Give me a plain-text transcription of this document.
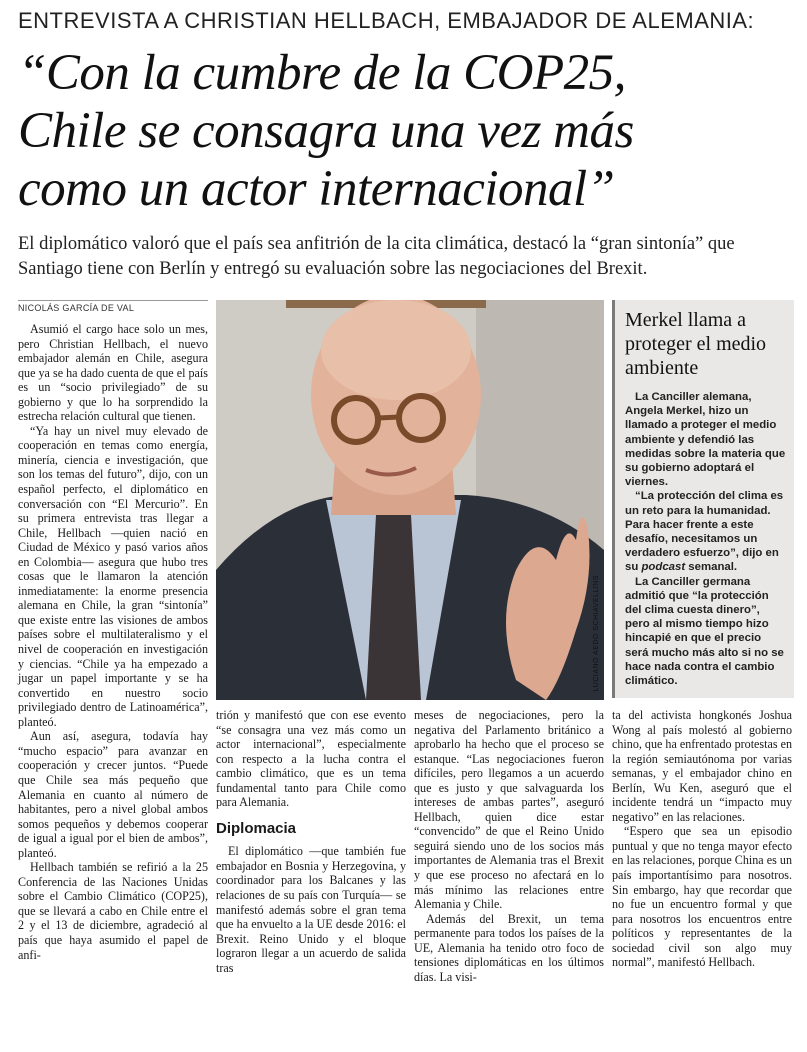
ENTREVISTA A CHRISTIAN HELLBACH, EMBAJADOR DE ALEMANIA:
“Con la cumbre de la COP25,
Chile se consagra una vez más
como un actor internacional”
El diplomático valoró que el país sea anfitrión de la cita climática, destacó la “gran sintonía” que Santiago tiene con Berlín y entregó su evaluación sobre las negociaciones del Brexit.
NICOLÁS GARCÍA DE VAL

Asumió el cargo hace solo un mes, pero Christian Hellbach, el nuevo embajador alemán en Chile, asegura que ya se ha dado cuenta de que el país es un “socio privilegiado” de su gobierno y que lo ha sorprendido la estrecha relación cultural que tienen.

“Ya hay un nivel muy elevado de cooperación en temas como energía, minería, ciencia e investigación, que son los temas del futuro”, dijo, con un español perfecto, el diplomático en conversación con “El Mercurio”. En su primera entrevista tras llegar a Chile, Hellbach —quien nació en Ciudad de México y pasó varios años en Colombia— asegura que hubo tres cosas que le llamaron la atención inmediatamente: la enorme presencia alemana en Chile, la gran “sintonía” que existe entre las visiones de ambos países sobre el multilateralismo y el nivel de cooperación en investigación y ciencias. “Chile ya ha empezado a jugar un papel importante y se ha convertido en nuestro socio privilegiado dentro de Latinoamérica”, planteó.

Aun así, asegura, todavía hay “mucho espacio” para avanzar en cooperación y crecer juntos. “Puede que Chile sea más pequeño que Alemania en cuanto al número de habitantes, pero a nivel global ambos somos pequeños y debemos cooperar de igual a igual por el bien de ambos”, planteó.

Hellbach también se refirió a la 25 Conferencia de las Naciones Unidas sobre el Cambio Climático (COP25), que se llevará a cabo en Chile entre el 2 y el 13 de diciembre, agradeció al país que haya asumido el papel de anfi-

LUCIANO AEDO SCHIAVELLINS
Merkel llama a proteger el medio ambiente

La Canciller alemana, Angela Merkel, hizo un llamado a proteger el medio ambiente y defendió las medidas sobre la materia que su gobierno adoptará el viernes.

“La protección del clima es un reto para la humanidad. Para hacer frente a este desafío, necesitamos un verdadero esfuerzo”, dijo en su podcast semanal.

La Canciller germana admitió que “la protección del clima cuesta dinero”, pero al mismo tiempo hizo hincapié en que el precio será mucho más alto si no se hace nada contra el cambio climático.

trión y manifestó que con ese evento “se consagra una vez más como un actor internacional”, especialmente con respecto a la lucha contra el cambio climático, que es un tema fundamental tanto para Chile como para Alemania.

Diplomacia

El diplomático —que también fue embajador en Bosnia y Herzegovina, y coordinador para los Balcanes y las relaciones de su país con Turquía— se manifestó además sobre el gran tema que ha envuelto a la UE desde 2016: el Brexit. Reino Unido y el bloque lograron llegar a un acuerdo de salida tras

meses de negociaciones, pero la negativa del Parlamento británico a aprobarlo ha hecho que el proceso se estanque. “Las negociaciones fueron difíciles, pero llegamos a un acuerdo que es justo y que salvaguarda los intereses de ambas partes”, aseguró Hellbach, quien dice estar “convencido” de que el Reino Unido seguirá siendo uno de los socios más importantes de Alemania tras el Brexit y que ese proceso no afectará en lo más mínimo las relaciones entre Alemania y Chile.

Además del Brexit, un tema permanente para todos los países de la UE, Alemania ha tenido otro foco de tensiones diplomáticas en los últimos días. La visi-

ta del activista hongkonés Joshua Wong al país molestó al gobierno chino, que ha enfrentado protestas en la región semiautónoma por varias semanas, y el embajador chino en Berlín, Wu Ken, aseguró que el incidente tendrá un “impacto muy negativo” en las relaciones.

“Espero que sea un episodio puntual y que no tenga mayor efecto en las relaciones, porque China es un país importantísimo para nosotros. Sin embargo, hay que recordar que no fue un encuentro formal y que para nosotros los encuentros entre políticos y representantes de la sociedad civil son algo muy normal”, manifestó Hellbach.
